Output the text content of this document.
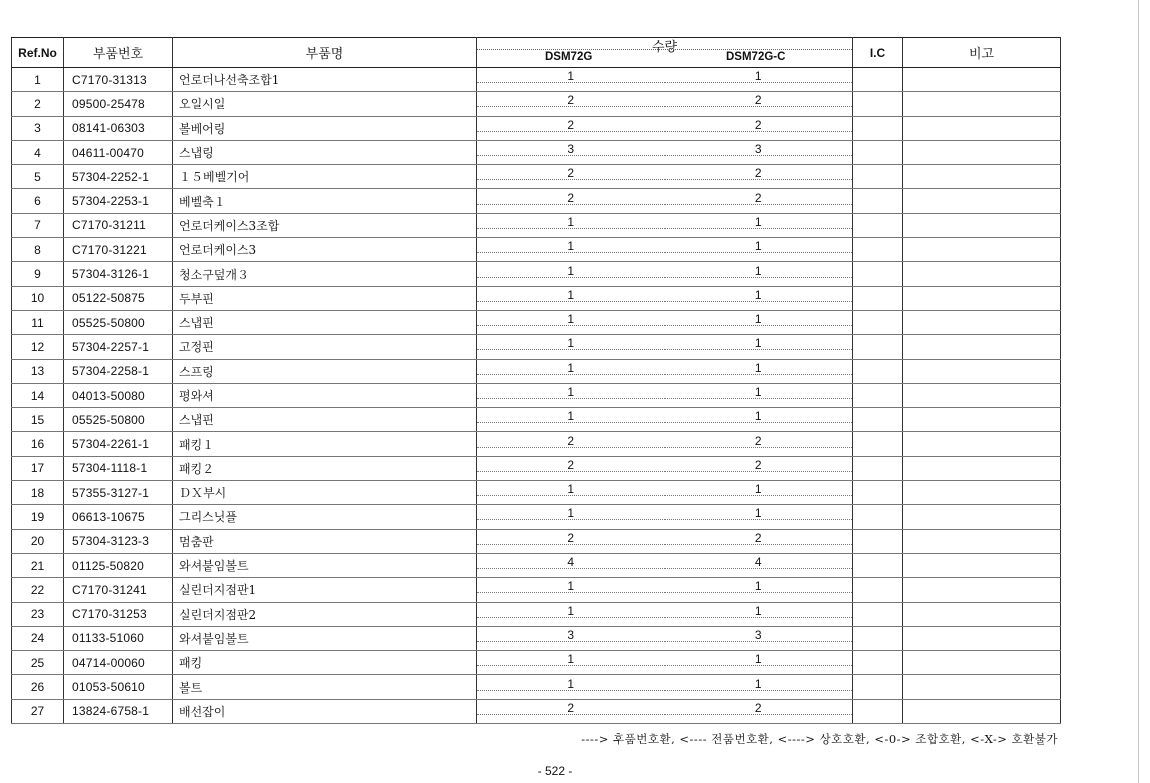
Ref.No	부품번호	부품명	수량
DSM72G DSM72G-C		I.C	비고
1	C7170-31313	언로더나선축조합1	1	1		

2	09500-25478	오일시일	2	2		

3	08141-06303	볼베어링	2	2		

4	04611-00470	스냅링	3	3		

5	57304-2252-1	１５베벨기어	2	2		

6	57304-2253-1	베벨축１	2	2		

7	C7170-31211	언로더케이스3조합	1	1		

8	C7170-31221	언로더케이스3	1	1		

9	57304-3126-1	청소구덮개３	1	1		

10	05122-50875	두부핀	1	1		

11	05525-50800	스냅핀	1	1		

12	57304-2257-1	고정핀	1	1		

13	57304-2258-1	스프링	1	1		

14	04013-50080	평와셔	1	1		

15	05525-50800	스냅핀	1	1		

16	57304-2261-1	패킹１	2	2		

17	57304-1118-1	패킹２	2	2		

18	57355-3127-1	ＤＸ부시	1	1		

19	06613-10675	그리스닛플	1	1		

20	57304-3123-3	멈춤판	2	2		

21	01125-50820	와셔붙임볼트	4	4		

22	C7170-31241	실린더지점판1	1	1		

23	C7170-31253	실린더지점판2	1	1		

24	01133-51060	와셔붙임볼트	3	3		

25	04714-00060	패킹	1	1		

26	01053-50610	볼트	1	1		

27	13824-6758-1	배선잡이	2	2		

----> 후품번호환, <---- 전품번호환, <----> 상호호환, <-0-> 조합호환, <-X-> 호환불가
- 522 -
